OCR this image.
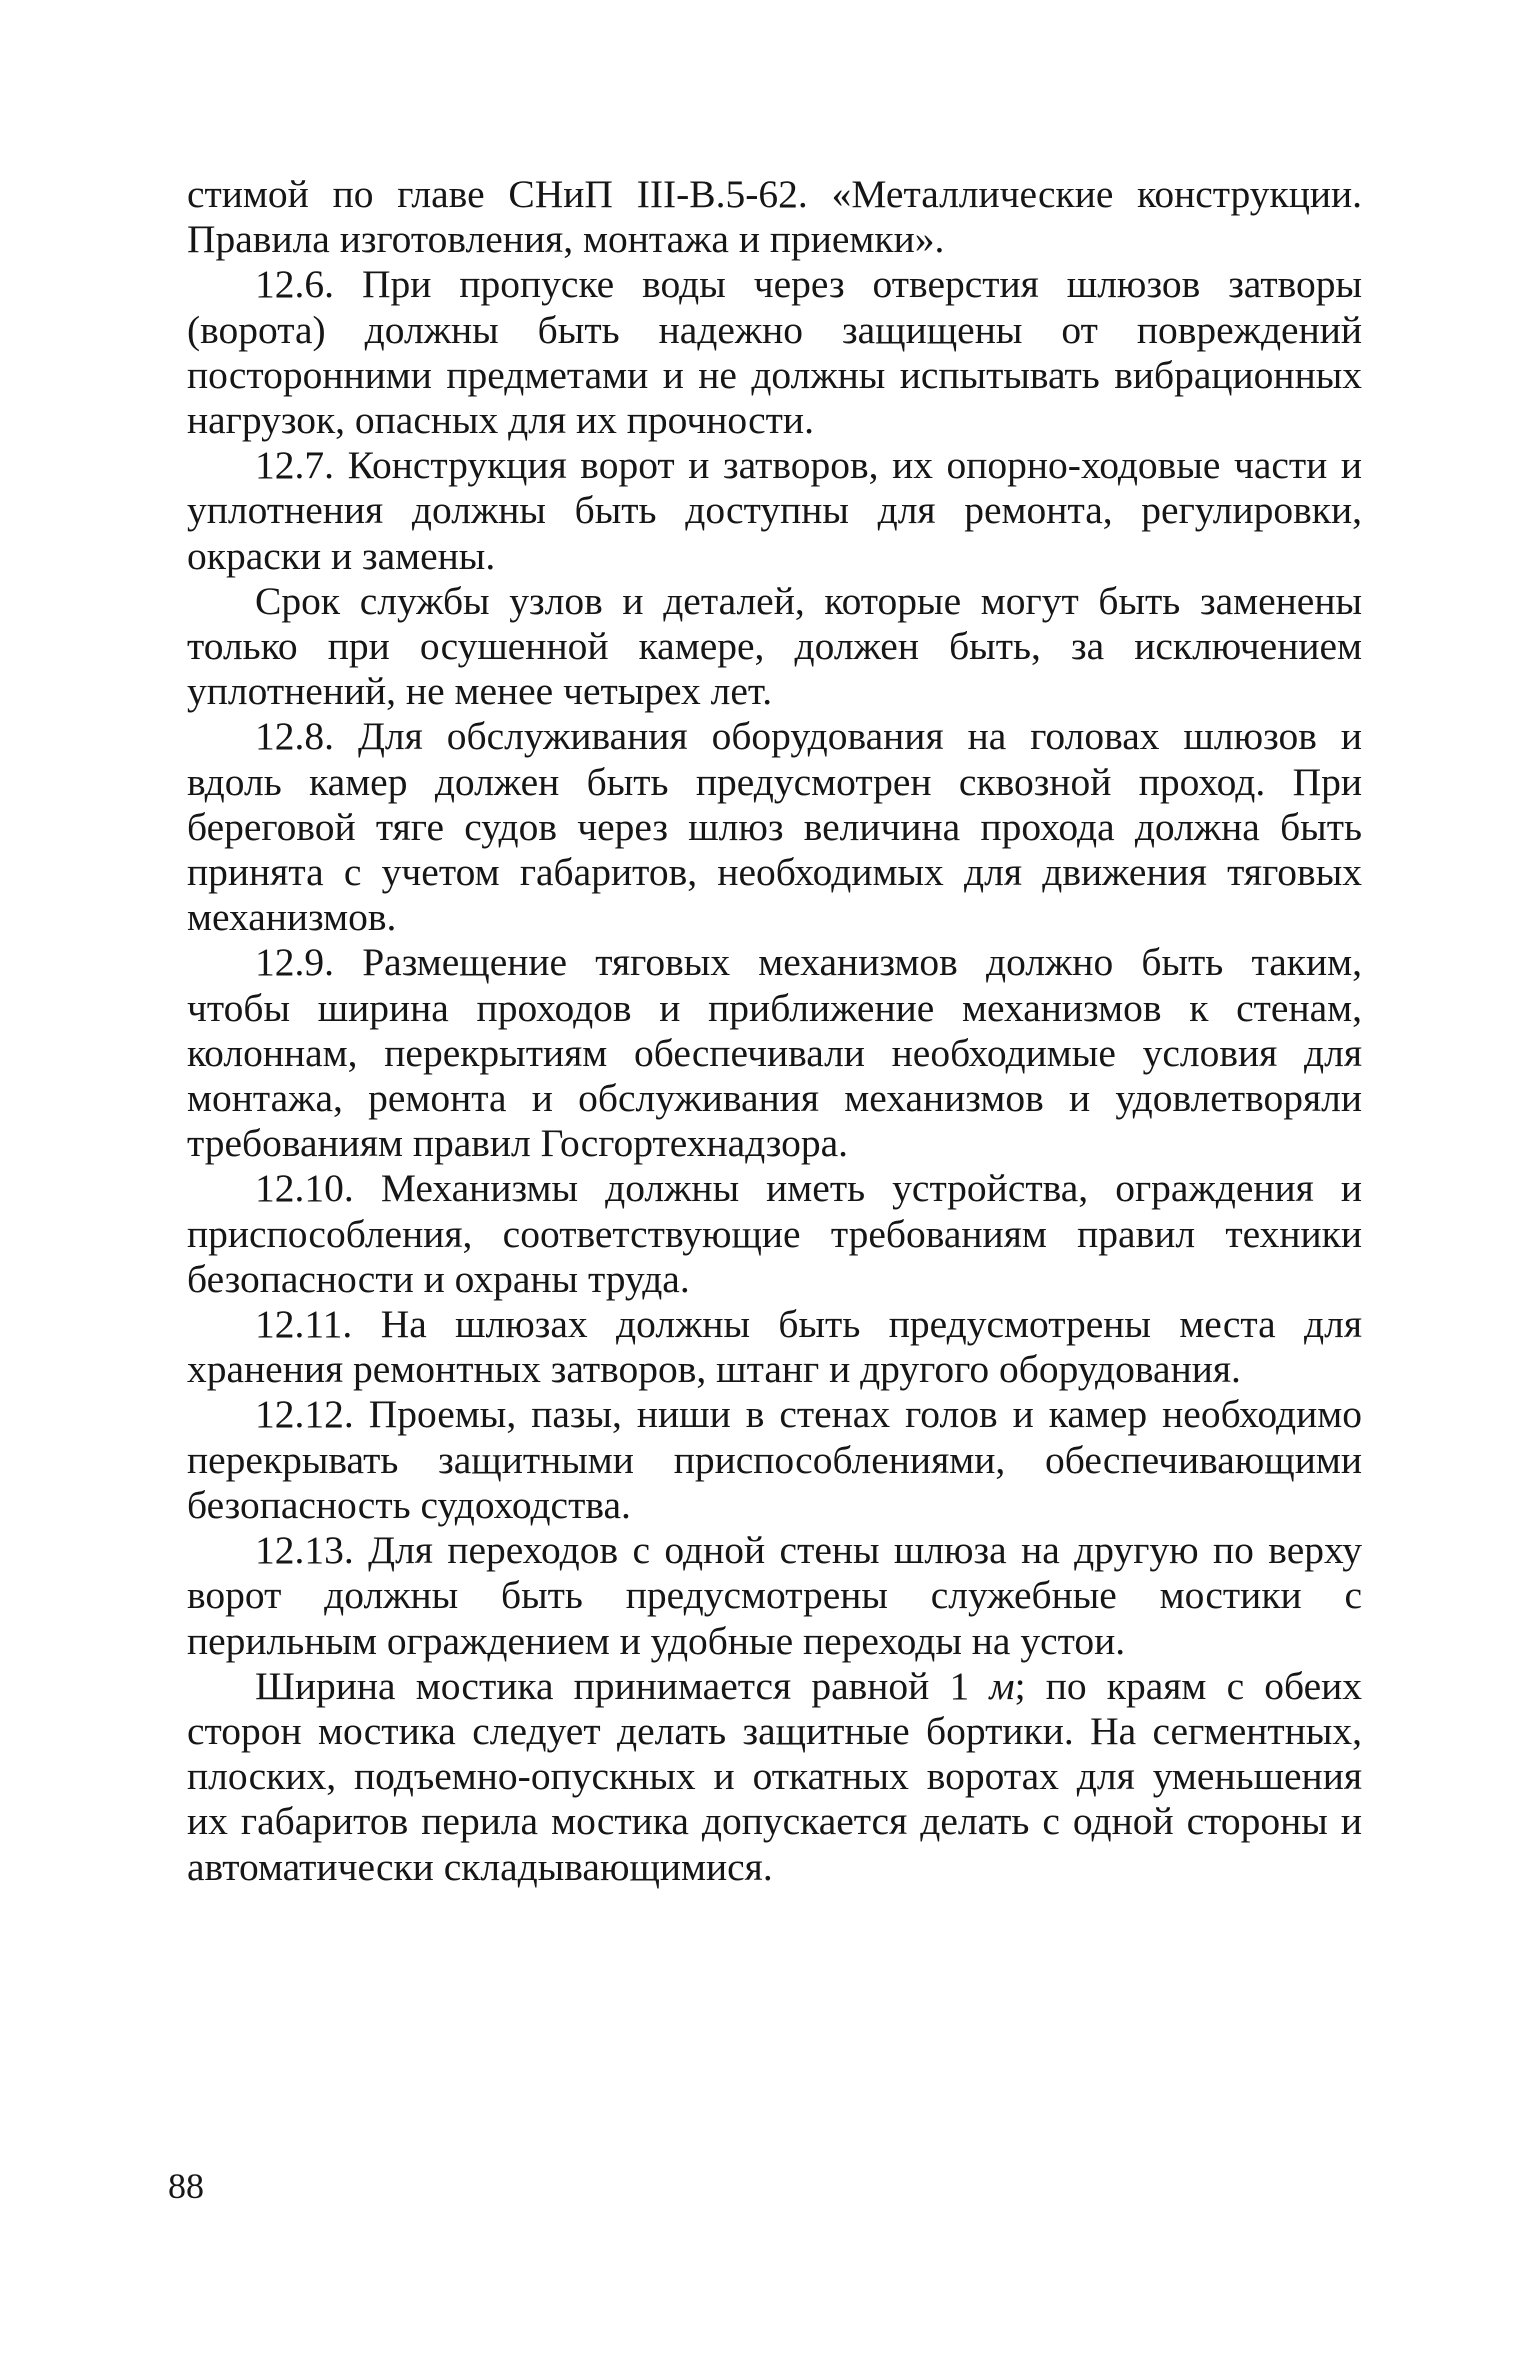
стимой по главе СНиП III-В.5-62. «Металлические конструкции. Правила изготовления, монтажа и приемки».

12.6. При пропуске воды через отверстия шлюзов затворы (ворота) должны быть надежно защищены от повреждений посторонними предметами и не должны испытывать вибрационных нагрузок, опасных для их прочности.

12.7. Конструкция ворот и затворов, их опорно-ходовые части и уплотнения должны быть доступны для ремонта, регулировки, окраски и замены.

Срок службы узлов и деталей, которые могут быть заменены только при осушенной камере, должен быть, за исключением уплотнений, не менее четырех лет.

12.8. Для обслуживания оборудования на головах шлюзов и вдоль камер должен быть предусмотрен сквозной проход. При береговой тяге судов через шлюз величина прохода должна быть принята с учетом габаритов, необходимых для движения тяговых механизмов.

12.9. Размещение тяговых механизмов должно быть таким, чтобы ширина проходов и приближение механизмов к стенам, колоннам, перекрытиям обеспечивали необходимые условия для монтажа, ремонта и обслуживания механизмов и удовлетворяли требованиям правил Госгортехнадзора.

12.10. Механизмы должны иметь устройства, ограждения и приспособления, соответствующие требованиям правил техники безопасности и охраны труда.

12.11. На шлюзах должны быть предусмотрены места для хранения ремонтных затворов, штанг и другого оборудования.

12.12. Проемы, пазы, ниши в стенах голов и камер необходимо перекрывать защитными приспособлениями, обеспечивающими безопасность судоходства.

12.13. Для переходов с одной стены шлюза на другую по верху ворот должны быть предусмотрены служебные мостики с перильным ограждением и удобные переходы на устои.

Ширина мостика принимается равной 1 м; по краям с обеих сторон мостика следует делать защитные бортики. На сегментных, плоских, подъемно-опускных и откатных воротах для уменьшения их габаритов перила мостика допускается делать с одной стороны и автоматически складывающимися.

88
